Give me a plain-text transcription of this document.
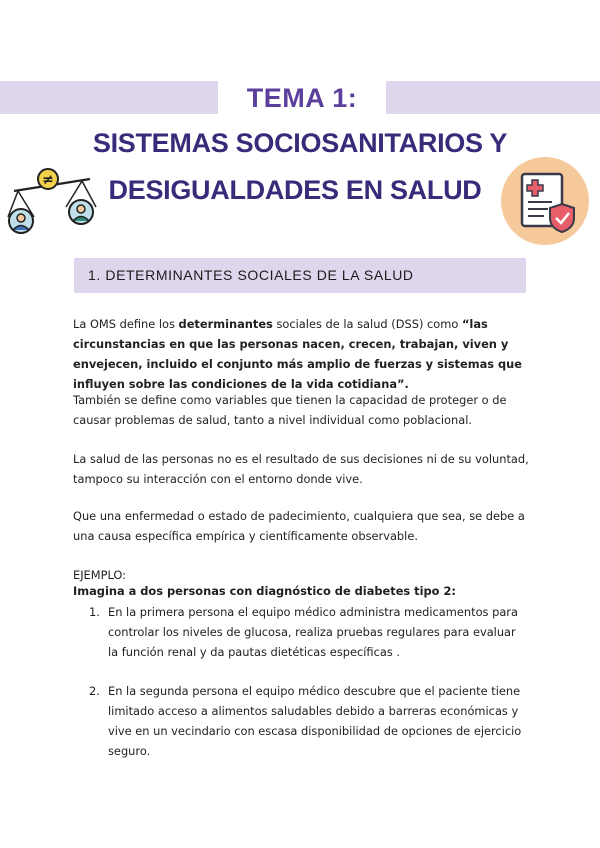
TEMA 1:
SISTEMAS SOCIOSANITARIOS Y
DESIGUALDADES EN SALUD
≠
1. DETERMINANTES SOCIALES DE LA SALUD

La OMS define los determinantes sociales de la salud (DSS) como “las circunstancias en que las personas nacen, crecen, trabajan, viven y envejecen, incluido el conjunto más amplio de fuerzas y sistemas que influyen sobre las condiciones de la vida cotidiana”.

También se define como variables que tienen la capacidad de proteger o de causar problemas de salud, tanto a nivel individual como poblacional.

La salud de las personas no es el resultado de sus decisiones ni de su voluntad, tampoco su interacción con el entorno donde vive.

Que una enfermedad o estado de padecimiento, cualquiera que sea, se debe a una causa específica empírica y científicamente observable.

EJEMPLO:
Imagina a dos personas con diagnóstico de diabetes tipo 2:
1. En la primera persona el equipo médico administra medicamentos para controlar los niveles de glucosa, realiza pruebas regulares para evaluar la función renal y da pautas dietéticas específicas .

2. En la segunda persona el equipo médico descubre que el paciente tiene limitado acceso a alimentos saludables debido a barreras económicas y vive en un vecindario con escasa disponibilidad de opciones de ejercicio seguro.
